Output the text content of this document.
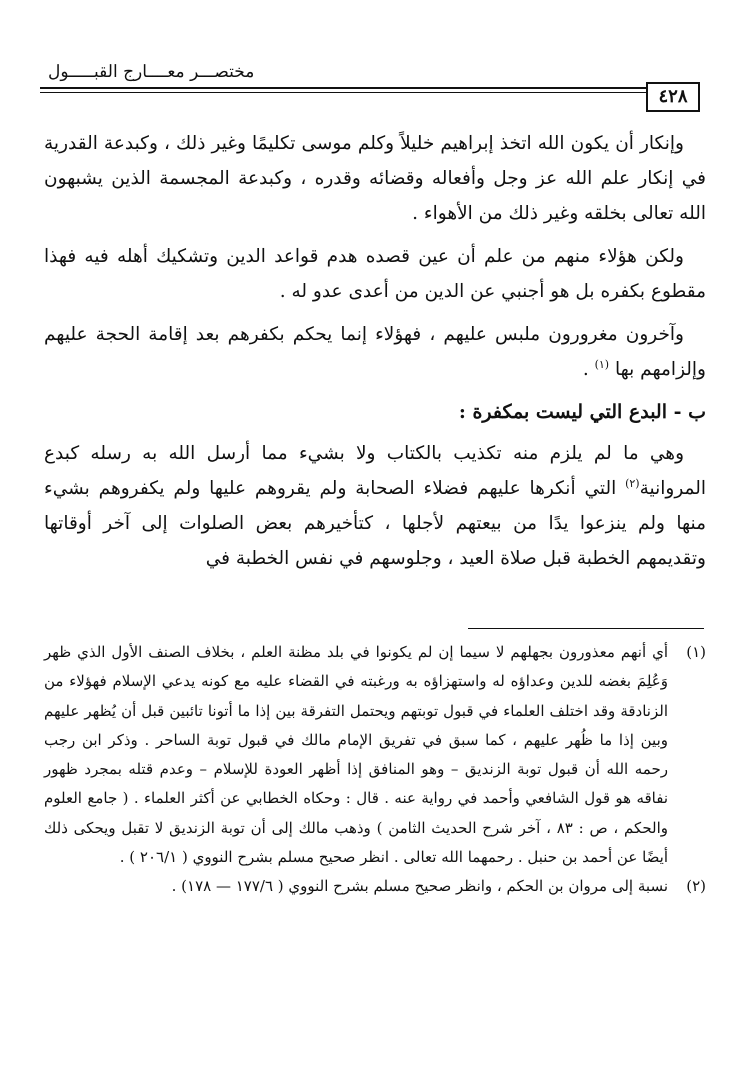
مختصـــر معــــارج القبـــــول
٤٢٨

وإنكار أن يكون الله اتخذ إبراهيم خليلاً وكلم موسى تكليمًا وغير ذلك ، وكبدعة القدرية في إنكار علم الله عز وجل وأفعاله وقضائه وقدره ، وكبدعة المجسمة الذين يشبهون الله تعالى بخلقه وغير ذلك من الأهواء .

ولكن هؤلاء منهم من علم أن عين قصده هدم قواعد الدين وتشكيك أهله فيه فهذا مقطوع بكفره بل هو أجنبي عن الدين من أعدى عدو له .

وآخرون مغرورون ملبس عليهم ، فهؤلاء إنما يحكم بكفرهم بعد إقامة الحجة عليهم وإلزامهم بها $^{(١)}$ .

ب - البدع التي ليست بمكفرة :

وهي ما لم يلزم منه تكذيب بالكتاب ولا بشيء مما أرسل الله به رسله كبدع المروانية$^{(٢)}$ التي أنكرها عليهم فضلاء الصحابة ولم يقروهم عليها ولم يكفروهم بشيء منها ولم ينزعوا يدًا من بيعتهم لأجلها ، كتأخيرهم بعض الصلوات إلى آخر أوقاتها وتقديمهم الخطبة قبل صلاة العيد ، وجلوسهم في نفس الخطبة في

(١)
أي أنهم معذورون بجهلهم لا سيما إن لم يكونوا في بلد مظنة العلم ، بخلاف الصنف الأول الذي ظهر وَعُلِمَ بغضه للدين وعداؤه له واستهزاؤه به ورغبته في القضاء عليه مع كونه يدعي الإسلام فهؤلاء من الزنادقة وقد اختلف العلماء في قبول توبتهم ويحتمل التفرقة بين إذا ما أتونا تائبين قبل أن يُظهر عليهم وبين إذا ما ظُهر عليهم ، كما سبق في تفريق الإمام مالك في قبول توبة الساحر . وذكر ابن رجب رحمه الله أن قبول توبة الزنديق – وهو المنافق إذا أظهر العودة للإسلام – وعدم قتله بمجرد ظهور نفاقه هو قول الشافعي وأحمد في رواية عنه . قال : وحكاه الخطابي عن أكثر العلماء . ( جامع العلوم والحكم ، ص : ٨٣ ، آخر شرح الحديث الثامن ) وذهب مالك إلى أن توبة الزنديق لا تقبل ويحكى ذلك أيضًا عن أحمد بن حنبل . رحمهما الله تعالى . انظر صحيح مسلم بشرح النووي ( ٢٠٦/١ ) .
(٢)
نسبة إلى مروان بن الحكم ، وانظر صحيح مسلم بشرح النووي ( ١٧٧/٦ — ١٧٨) .
